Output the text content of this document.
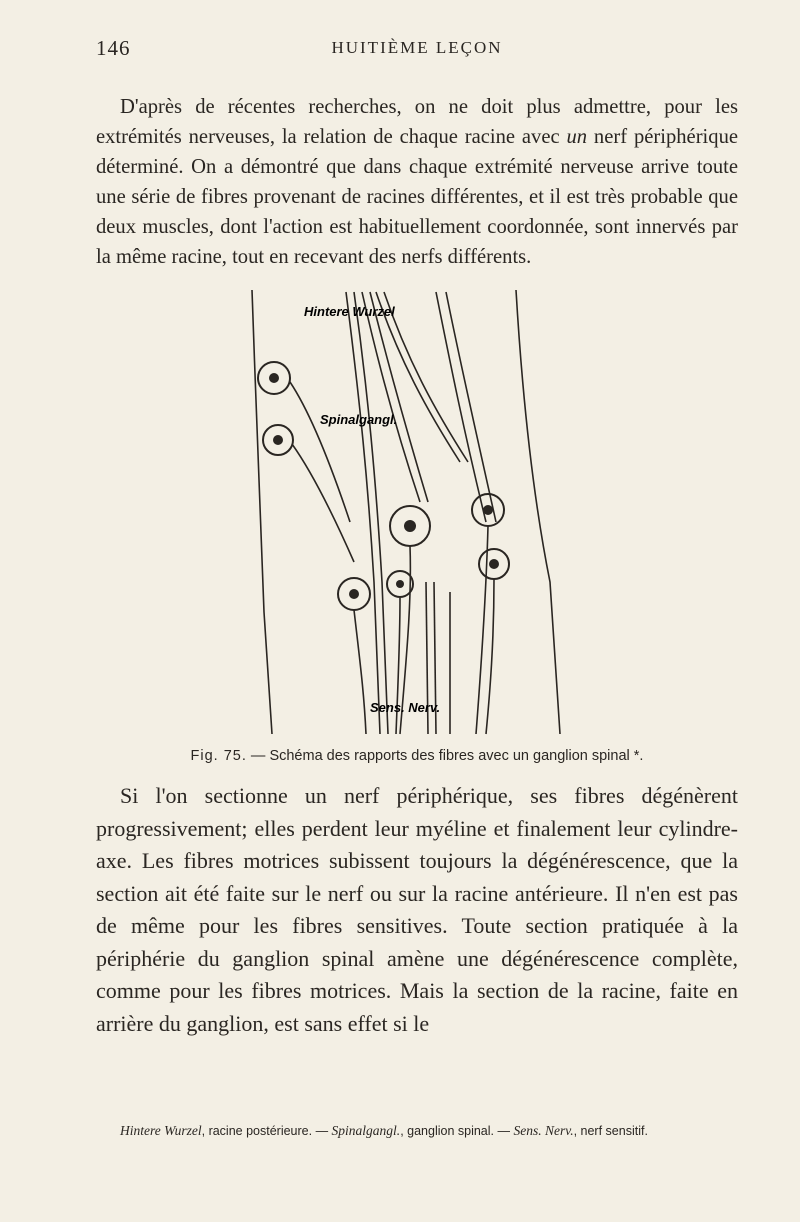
146	HUITIÈME LEÇON

D'après de récentes recherches, on ne doit plus admettre, pour les extrémités nerveuses, la relation de chaque racine avec un nerf périphérique déterminé. On a démontré que dans chaque extrémité nerveuse arrive toute une série de fibres provenant de racines différentes, et il est très probable que deux muscles, dont l'action est habituellement coordonnée, sont innervés par la même racine, tout en recevant des nerfs différents.

Hintere Wurzel
Spinalgangl.
Sens. Nerv.
Fig. 75. — Schéma des rapports des fibres avec un ganglion spinal *.

Si l'on sectionne un nerf périphérique, ses fibres dégénèrent progressivement; elles perdent leur myéline et finalement leur cylindre-axe. Les fibres motrices subissent toujours la dégénérescence, que la section ait été faite sur le nerf ou sur la racine antérieure. Il n'en est pas de même pour les fibres sensitives. Toute section pratiquée à la périphérie du ganglion spinal amène une dégénérescence complète, comme pour les fibres motrices. Mais la section de la racine, faite en arrière du ganglion, est sans effet si le

Hintere Wurzel, racine postérieure. — Spinalgangl., ganglion spinal. — Sens. Nerv., nerf sensitif.
